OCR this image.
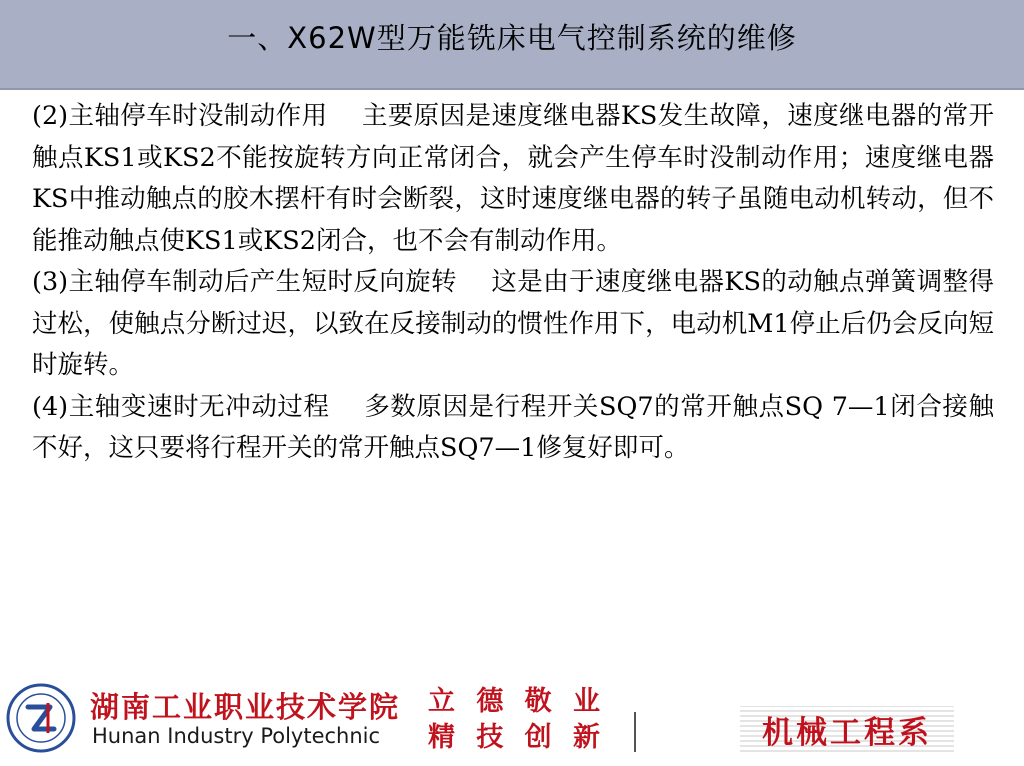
一、X62W型万能铣床电气控制系统的维修

(2)主轴停车时没制动作用 主要原因是速度继电器KS发生故障，速度继电器的常开触点KS1或KS2不能按旋转方向正常闭合，就会产生停车时没制动作用；速度继电器KS中推动触点的胶木摆杆有时会断裂，这时速度继电器的转子虽随电动机转动，但不能推动触点使KS1或KS2闭合，也不会有制动作用。

(3)主轴停车制动后产生短时反向旋转 这是由于速度继电器KS的动触点弹簧调整得过松，使触点分断过迟，以致在反接制动的惯性作用下，电动机M1停止后仍会反向短时旋转。

(4)主轴变速时无冲动过程 多数原因是行程开关SQ7的常开触点SQ 7—1闭合接触不好，这只要将行程开关的常开触点SQ7—1修复好即可。

湖南工业职业技术学院
Hunan Industry Polytechnic
立 德 敬 业
精 技 创 新	机械工程系
